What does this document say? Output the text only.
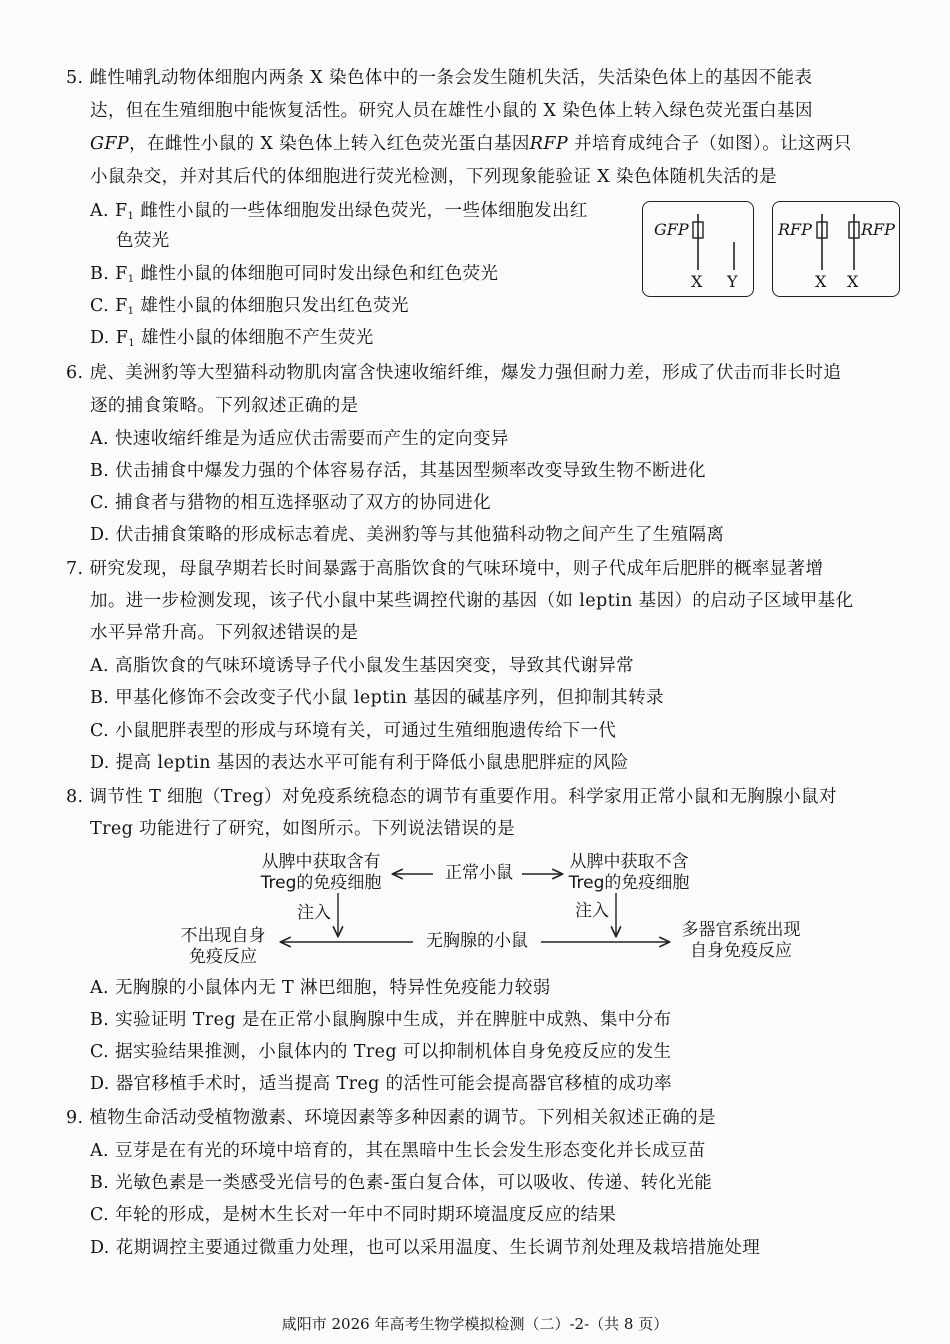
5. 雌性哺乳动物体细胞内两条 X 染色体中的一条会发生随机失活，失活染色体上的基因不能表
达，但在生殖细胞中能恢复活性。研究人员在雄性小鼠的 X 染色体上转入绿色荧光蛋白基因
GFP，在雌性小鼠的 X 染色体上转入红色荧光蛋白基因RFP 并培育成纯合子（如图）。让这两只
小鼠杂交，并对其后代的体细胞进行荧光检测，下列现象能验证 X 染色体随机失活的是
A. $F_1$ 雌性小鼠的一些体细胞发出绿色荧光，一些体细胞发出红
色荧光
B. $F_1$ 雌性小鼠的体细胞可同时发出绿色和红色荧光
C. $F_1$ 雄性小鼠的体细胞只发出红色荧光
D. $F_1$ 雄性小鼠的体细胞不产生荧光
GFP
X Y
RFP	RFP
X X
6. 虎、美洲豹等大型猫科动物肌肉富含快速收缩纤维，爆发力强但耐力差，形成了伏击而非长时追
逐的捕食策略。下列叙述正确的是
A. 快速收缩纤维是为适应伏击需要而产生的定向变异
B. 伏击捕食中爆发力强的个体容易存活，其基因型频率改变导致生物不断进化
C. 捕食者与猎物的相互选择驱动了双方的协同进化
D. 伏击捕食策略的形成标志着虎、美洲豹等与其他猫科动物之间产生了生殖隔离
7. 研究发现，母鼠孕期若长时间暴露于高脂饮食的气味环境中，则子代成年后肥胖的概率显著增
加。进一步检测发现，该子代小鼠中某些调控代谢的基因（如 leptin 基因）的启动子区域甲基化
水平异常升高。下列叙述错误的是
A. 高脂饮食的气味环境诱导子代小鼠发生基因突变，导致其代谢异常
B. 甲基化修饰不会改变子代小鼠 leptin 基因的碱基序列，但抑制其转录
C. 小鼠肥胖表型的形成与环境有关，可通过生殖细胞遗传给下一代
D. 提高 leptin 基因的表达水平可能有利于降低小鼠患肥胖症的风险
8. 调节性 T 细胞（Treg）对免疫系统稳态的调节有重要作用。科学家用正常小鼠和无胸腺小鼠对
Treg 功能进行了研究，如图所示。下列说法错误的是
从脾中获取含有
Treg的免疫细胞	正常小鼠
从脾中获取不含
Treg的免疫细胞
注入	注入
不出现自身
免疫反应
无胸腺的小鼠
多器官系统出现
自身免疫反应
A. 无胸腺的小鼠体内无 T 淋巴细胞，特异性免疫能力较弱
B. 实验证明 Treg 是在正常小鼠胸腺中生成，并在脾脏中成熟、集中分布
C. 据实验结果推测，小鼠体内的 Treg 可以抑制机体自身免疫反应的发生
D. 器官移植手术时，适当提高 Treg 的活性可能会提高器官移植的成功率
9. 植物生命活动受植物激素、环境因素等多种因素的调节。下列相关叙述正确的是
A. 豆芽是在有光的环境中培育的，其在黑暗中生长会发生形态变化并长成豆苗
B. 光敏色素是一类感受光信号的色素-蛋白复合体，可以吸收、传递、转化光能
C. 年轮的形成，是树木生长对一年中不同时期环境温度反应的结果
D. 花期调控主要通过微重力处理，也可以采用温度、生长调节剂处理及栽培措施处理
咸阳市 2026 年高考生物学模拟检测（二）-2-（共 8 页）
